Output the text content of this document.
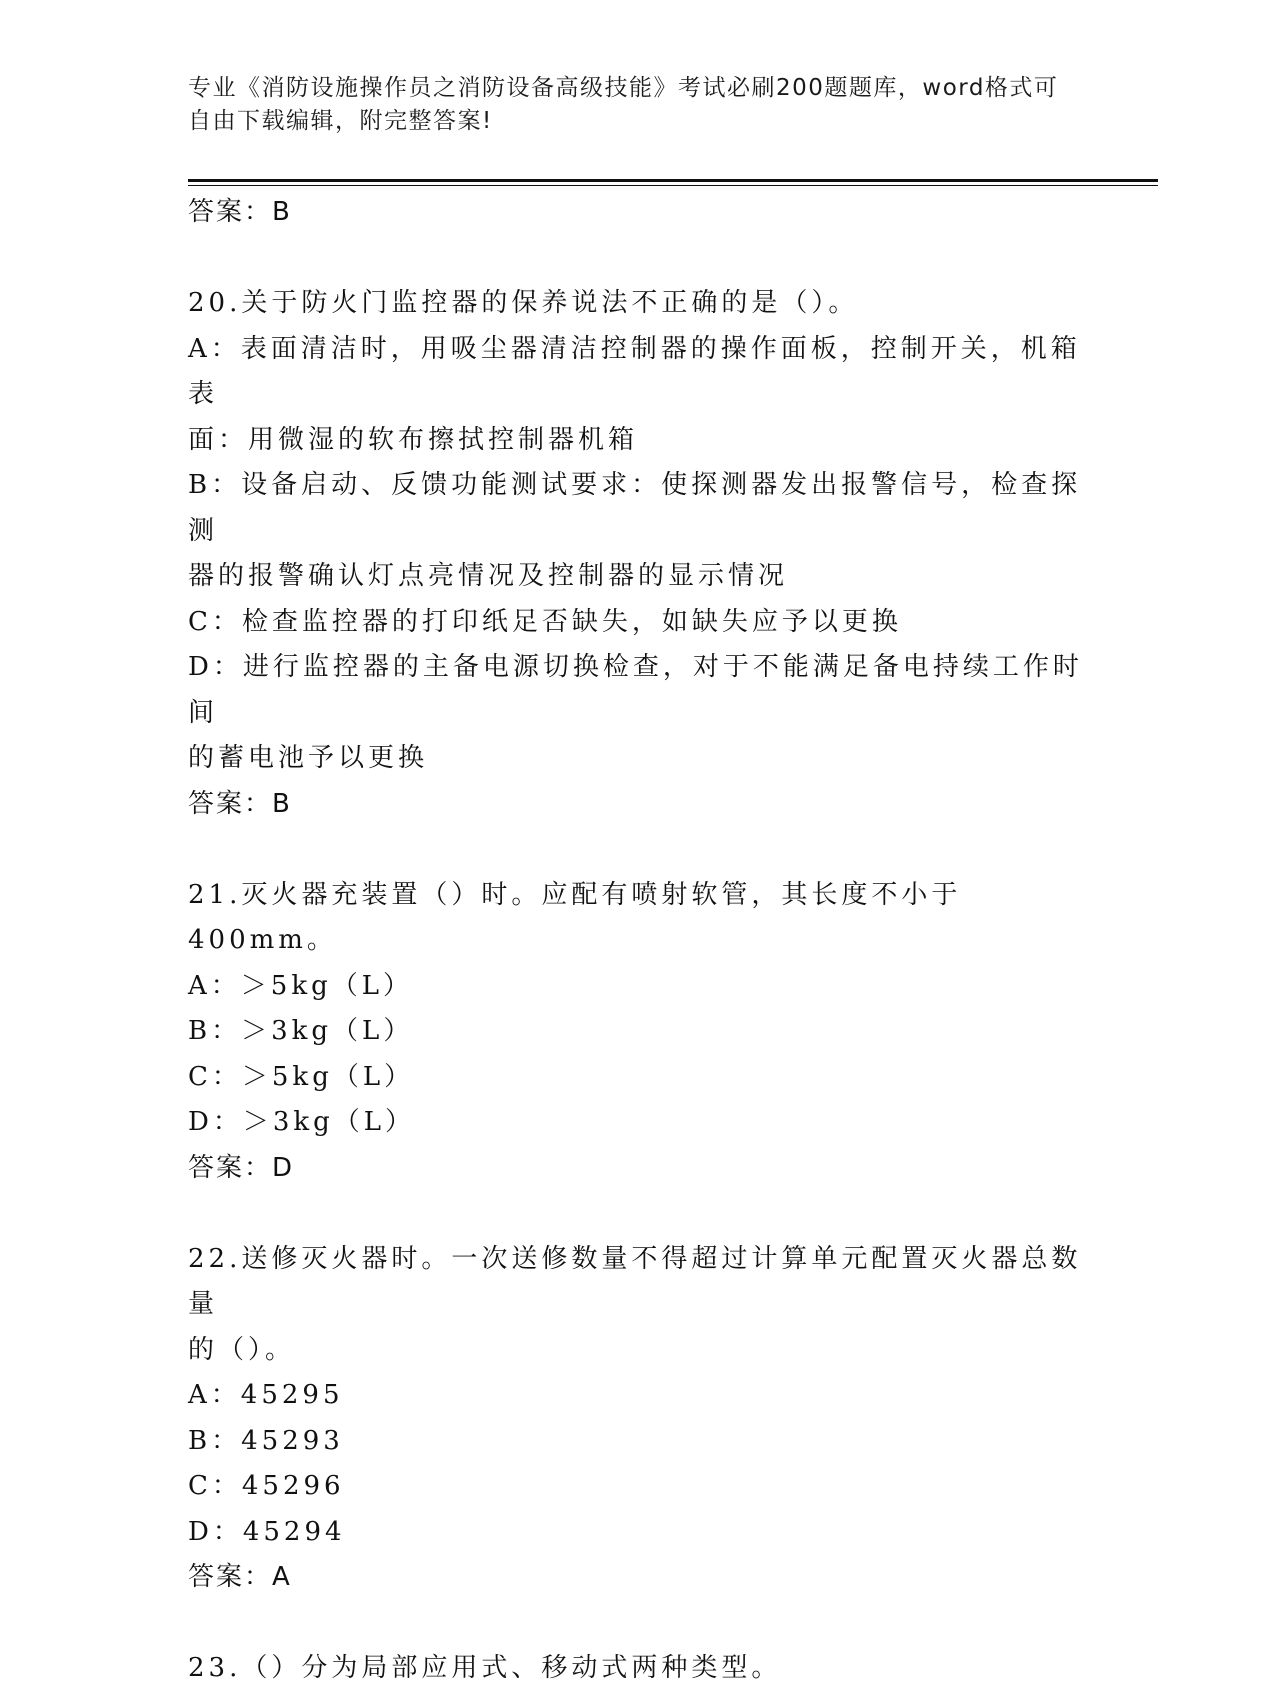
专业《消防设施操作员之消防设备高级技能》考试必刷200题题库，word格式可
自由下载编辑，附完整答案!
答案：B
20.关于防火门监控器的保养说法不正确的是（）。
A：表面清洁时，用吸尘器清洁控制器的操作面板，控制开关，机箱表
面：用微湿的软布擦拭控制器机箱
B：设备启动、反馈功能测试要求：使探测器发出报警信号，检查探测
器的报警确认灯点亮情况及控制器的显示情况
C：检查监控器的打印纸足否缺失，如缺失应予以更换
D：进行监控器的主备电源切换检查，对于不能满足备电持续工作时间
的蓄电池予以更换
答案：B
21.灭火器充装置（）时。应配有喷射软管，其长度不小于400mm。
A：＞5kg（L）
B：＞3kg（L）
C：＞5kg（L）
D：＞3kg（L）
答案：D
22.送修灭火器时。一次送修数量不得超过计算单元配置灭火器总数量
的（）。
A：45295
B：45293
C：45296
D：45294
答案：A
23.（）分为局部应用式、移动式两种类型。
